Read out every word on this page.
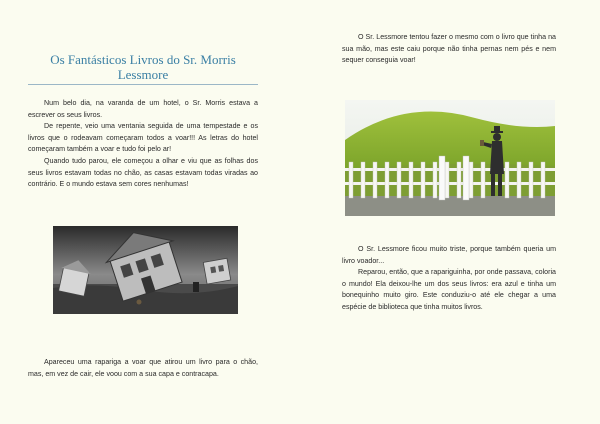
Os Fantásticos Livros do Sr. Morris Lessmore

Num belo dia, na varanda de um hotel, o Sr. Morris estava a escrever os seus livros.

De repente, veio uma ventania seguida de uma tempestade e os livros que o rodeavam começaram todos a voar!!! As letras do hotel começaram também a voar e tudo foi pelo ar!

Quando tudo parou, ele começou a olhar e viu que as folhas dos seus livros estavam todas no chão, as casas estavam todas viradas ao contrário. E o mundo estava sem cores nenhumas!

Apareceu uma rapariga a voar que atirou um livro para o chão, mas, em vez de cair, ele voou com a sua capa e contracapa.

O Sr. Lessmore tentou fazer o mesmo com o livro que tinha na sua mão, mas este caiu porque não tinha pernas nem pés e nem sequer conseguia voar!

O Sr. Lessmore ficou muito triste, porque também queria um livro voador...

Reparou, então, que a rapariguinha, por onde passava, coloria o mundo! Ela deixou-lhe um dos seus livros: era azul e tinha um bonequinho muito giro. Este conduziu-o até ele chegar a uma espécie de biblioteca que tinha muitos livros.
